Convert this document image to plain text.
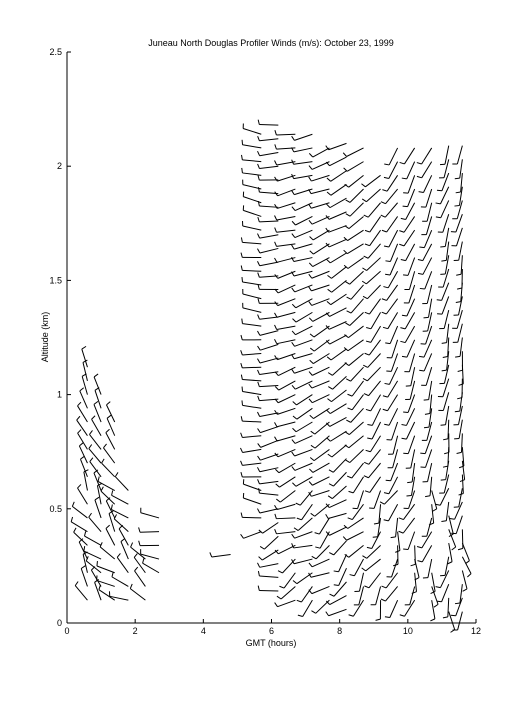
Juneau North Douglas Profiler Winds (m/s): October 23, 1999
0	2	4	6	8	10	12
0
0.5
1
1.5
2
2.5
GMT (hours)
Altitude (km)
